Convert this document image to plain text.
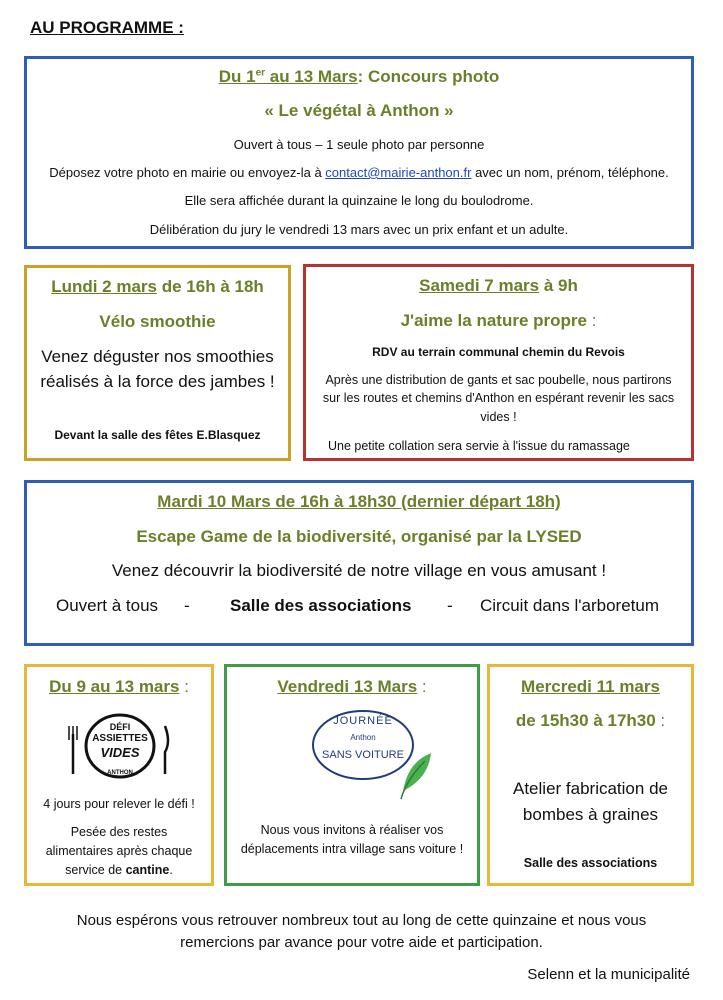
AU PROGRAMME :
Du 1er au 13 Mars: Concours photo
« Le végétal à Anthon »
Ouvert à tous – 1 seule photo par personne
Déposez votre photo en mairie ou envoyez-la à contact@mairie-anthon.fr avec un nom, prénom, téléphone.
Elle sera affichée durant la quinzaine le long du boulodrome.
Délibération du jury le vendredi 13 mars avec un prix enfant et un adulte.
Lundi 2 mars de 16h à 18h
Vélo smoothie
Venez déguster nos smoothies
réalisés à la force des jambes !
Devant la salle des fêtes E.Blasquez
Samedi 7 mars à 9h
J'aime la nature propre :
RDV au terrain communal chemin du Revois
Après une distribution de gants et sac poubelle, nous partirons
sur les routes et chemins d'Anthon en espérant revenir les sacs
vides !
Une petite collation sera servie à l'issue du ramassage
Mardi 10 Mars de 16h à 18h30 (dernier départ 18h)
Escape Game de la biodiversité, organisé par la LYSED
Venez découvrir la biodiversité de notre village en vous amusant !
Ouvert à tous - Salle des associations - Circuit dans l'arboretum
Du 9 au 13 mars :
DÉFI
ASSIETTES
VIDES
ANTHON
4 jours pour relever le défi !
Pesée des restes
alimentaires après chaque
service de cantine.
Vendredi 13 Mars :
JOURNÉE
Anthon
SANS VOITURE
Nous vous invitons à réaliser vos
déplacements intra village sans voiture !
Mercredi 11 mars
de 15h30 à 17h30 :
Atelier fabrication de
bombes à graines
Salle des associations
Nous espérons vous retrouver nombreux tout au long de cette quinzaine et nous vous
remercions par avance pour votre aide et participation.
Selenn et la municipalité
